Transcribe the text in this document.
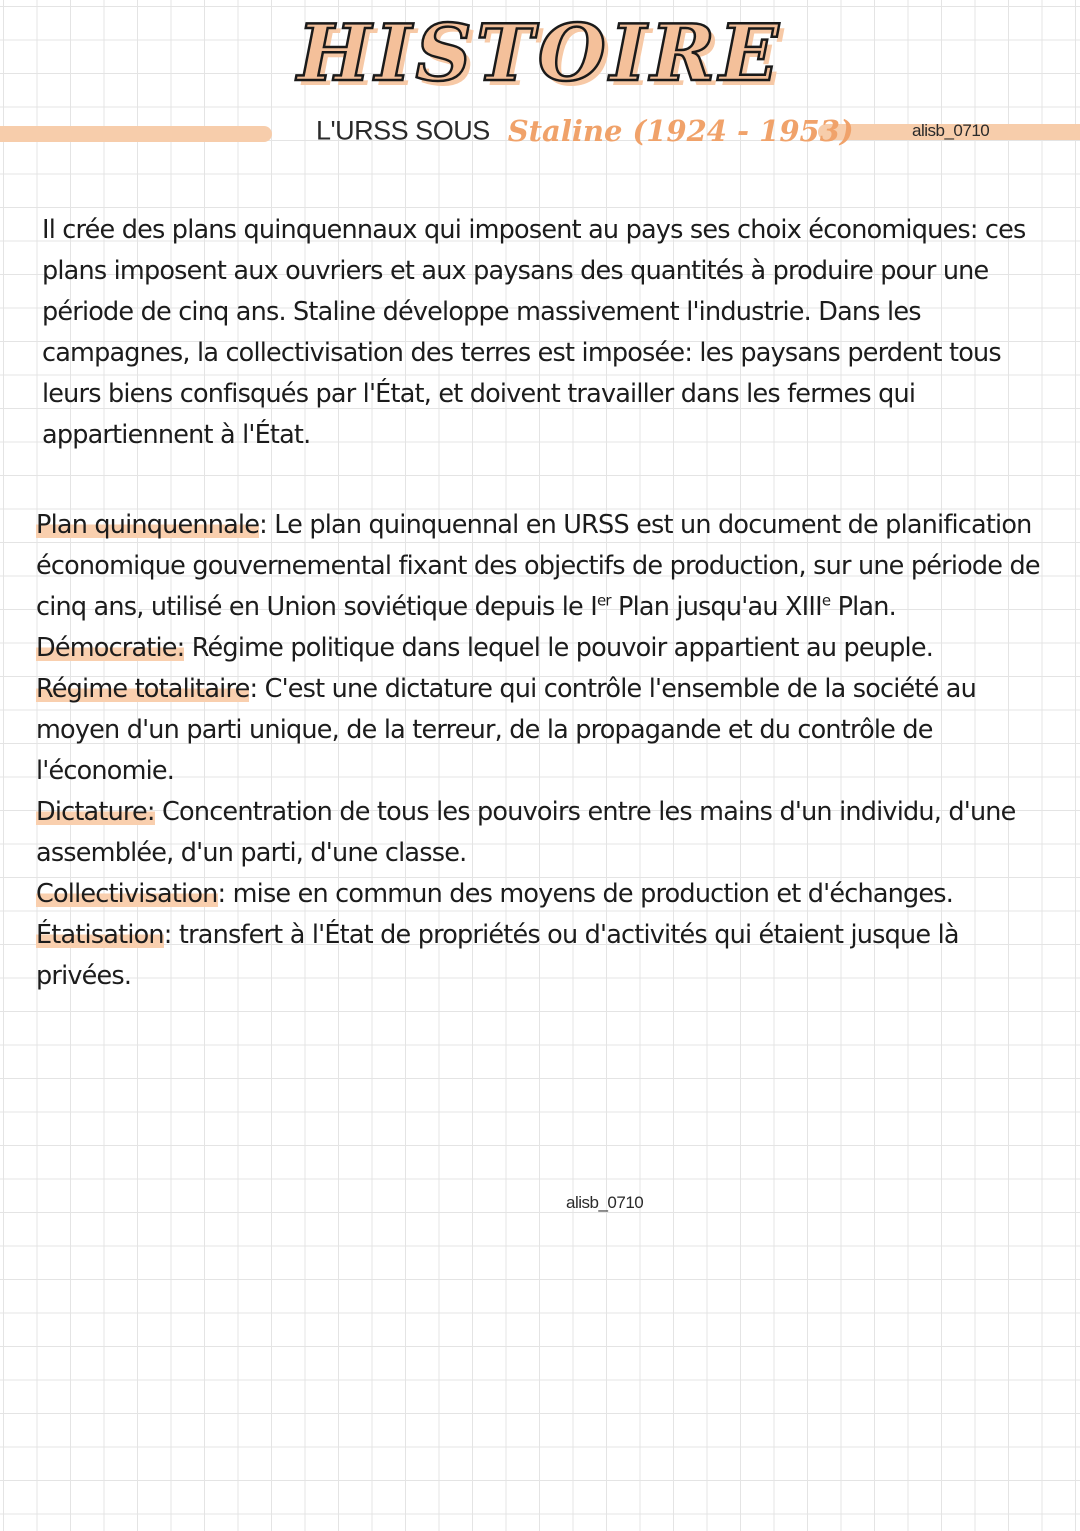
HISTOIRE
alisb_0710
L'URSS SOUS Staline (1924 - 1953)

Il crée des plans quinquennaux qui imposent au pays ses choix économiques: ces plans imposent aux ouvriers et aux paysans des quantités à produire pour une période de cinq ans. Staline développe massivement l'industrie. Dans les campagnes, la collectivisation des terres est imposée: les paysans perdent tous leurs biens confisqués par l'État, et doivent travailler dans les fermes qui appartiennent à l'État.

Plan quinquennale: Le plan quinquennal en URSS est un document de planification économique gouvernemental fixant des objectifs de production, sur une période de cinq ans, utilisé en Union soviétique depuis le Ier Plan jusqu'au XIIIe Plan.

Démocratie: Régime politique dans lequel le pouvoir appartient au peuple.

Régime totalitaire: C'est une dictature qui contrôle l'ensemble de la société au moyen d'un parti unique, de la terreur, de la propagande et du contrôle de l'économie.

Dictature: Concentration de tous les pouvoirs entre les mains d'un individu, d'une assemblée, d'un parti, d'une classe.

Collectivisation: mise en commun des moyens de production et d'échanges.

Étatisation: transfert à l'État de propriétés ou d'activités qui étaient jusque là privées.

alisb_0710
